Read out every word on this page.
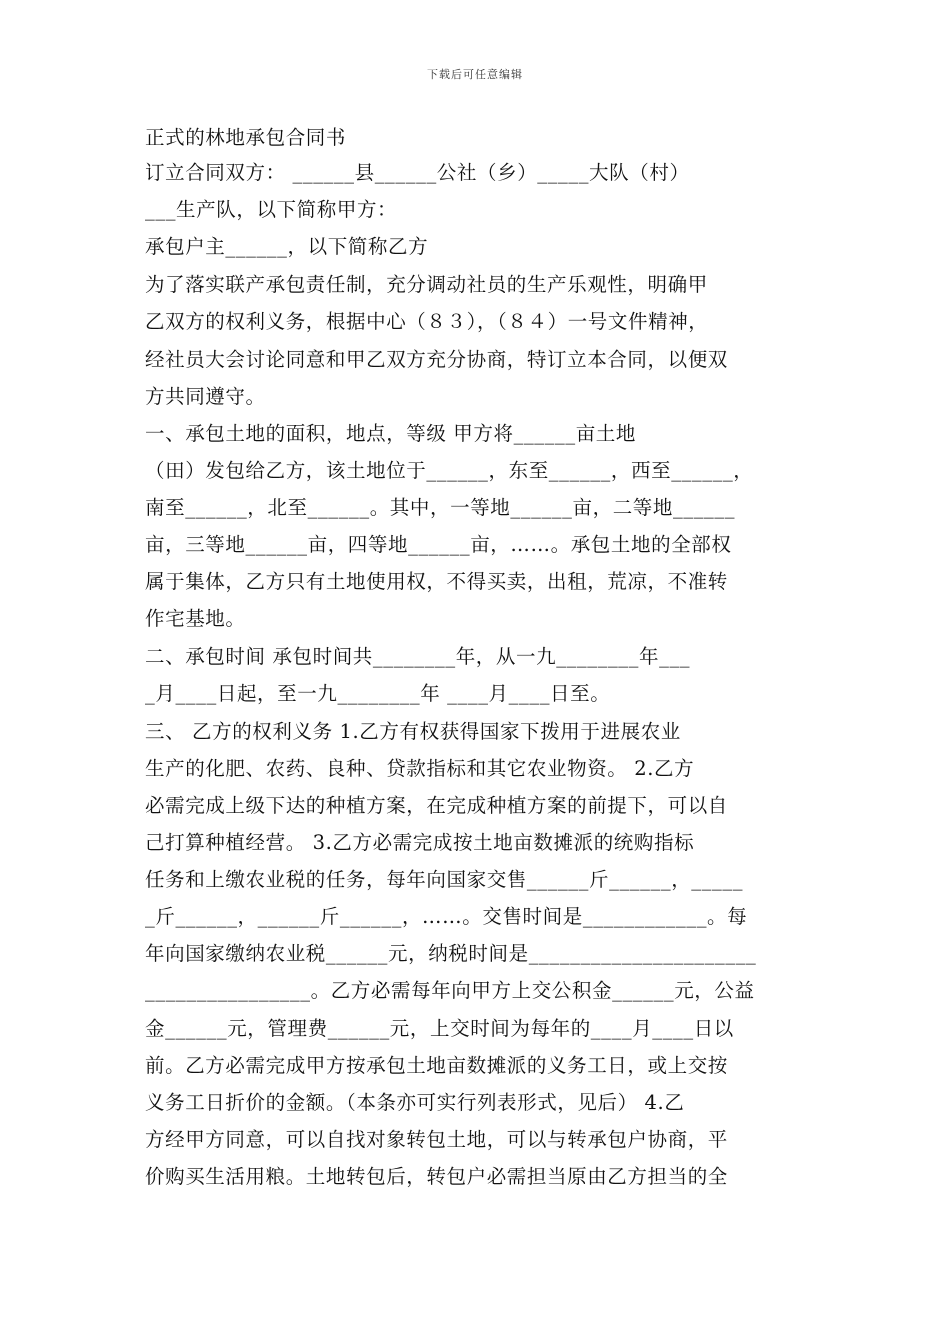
下载后可任意编辑
正式的林地承包合同书
订立合同双方： ______县______公社（乡）_____大队（村）
___生产队，以下简称甲方：
承包户主______，以下简称乙方
为了落实联产承包责任制，充分调动社员的生产乐观性，明确甲
乙双方的权利义务，根据中心（８３），（８４）一号文件精神，
经社员大会讨论同意和甲乙双方充分协商，特订立本合同，以便双
方共同遵守。
一、承包土地的面积，地点，等级 甲方将______亩土地
（田）发包给乙方，该土地位于______，东至______，西至______，
南至______，北至______。其中，一等地______亩，二等地______
亩，三等地______亩，四等地______亩，……。承包土地的全部权
属于集体，乙方只有土地使用权，不得买卖，出租，荒凉，不准转
作宅基地。
二、承包时间 承包时间共________年，从一九________年___
_月____日起，至一九________年 ____月____日至。
三、 乙方的权利义务 1.乙方有权获得国家下拨用于进展农业
生产的化肥、农药、良种、贷款指标和其它农业物资。 2.乙方
必需完成上级下达的种植方案，在完成种植方案的前提下，可以自
己打算种植经营。 3.乙方必需完成按土地亩数摊派的统购指标
任务和上缴农业税的任务，每年向国家交售______斤______，_____
_斤______，______斤______，……。交售时间是____________。每
年向国家缴纳农业税______元，纳税时间是______________________
________________。乙方必需每年向甲方上交公积金______元，公益
金______元，管理费______元，上交时间为每年的____月____日以
前。乙方必需完成甲方按承包土地亩数摊派的义务工日，或上交按
义务工日折价的金额。（本条亦可实行列表形式，见后） 4.乙
方经甲方同意，可以自找对象转包土地，可以与转承包户协商，平
价购买生活用粮。土地转包后，转包户必需担当原由乙方担当的全
